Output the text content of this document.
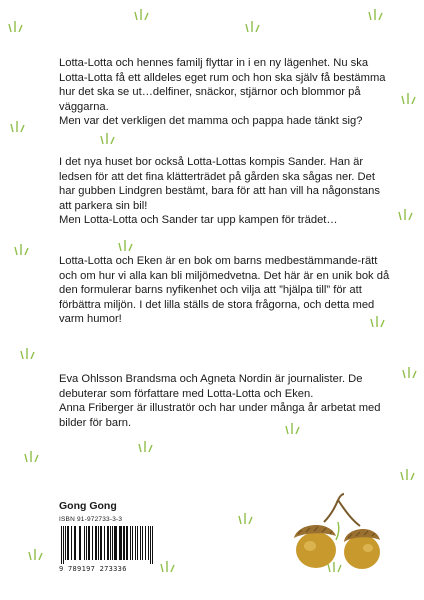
Lotta-Lotta och hennes familj flyttar in i en ny lägenhet. Nu ska Lotta-Lotta få ett alldeles eget rum och hon ska själv få bestämma hur det ska se ut…delfiner, snäckor, stjärnor och blommor på väggarna.

Men var det verkligen det mamma och pappa hade tänkt sig?

I det nya huset bor också Lotta-Lottas kompis Sander. Han är ledsen för att det fina klätterträdet på gården ska sågas ner. Det har gubben Lindgren bestämt, bara för att han vill ha någonstans att parkera sin bil!

Men Lotta-Lotta och Sander tar upp kampen för trädet…

Lotta-Lotta och Eken är en bok om barns medbestämmande-rätt och om hur vi alla kan bli miljömedvetna. Det här är en unik bok då den formulerar barns nyfikenhet och vilja att ”hjälpa till” för att förbättra miljön. I det lilla ställs de stora frågorna, och detta med varm humor!

Eva Ohlsson Brandsma och Agneta Nordin är journalister. De debuterar som författare med Lotta-Lotta och Eken.

Anna Friberger är illustratör och har under många år arbetat med bilder för barn.

Gong Gong
ISBN 91-972733-3-3
9 789197 273336
